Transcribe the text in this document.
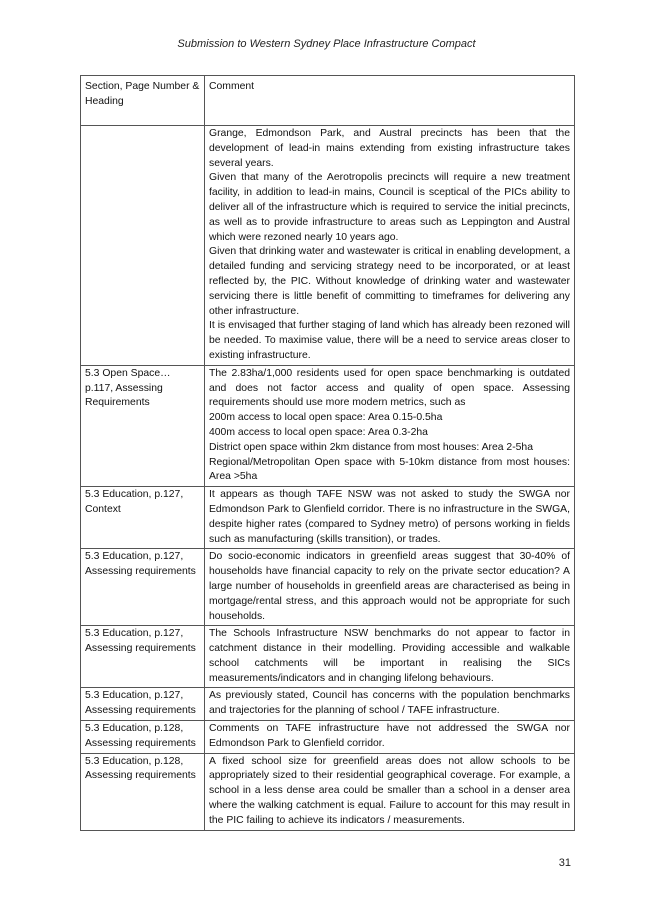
Submission to Western Sydney Place Infrastructure Compact
Section, Page Number & Heading	Comment

	Grange, Edmondson Park, and Austral precincts has been that the development of lead-in mains extending from existing infrastructure takes several years.

Given that many of the Aerotropolis precincts will require a new treatment facility, in addition to lead-in mains, Council is sceptical of the PICs ability to deliver all of the infrastructure which is required to service the initial precincts, as well as to provide infrastructure to areas such as Leppington and Austral which were rezoned nearly 10 years ago.

Given that drinking water and wastewater is critical in enabling development, a detailed funding and servicing strategy need to be incorporated, or at least reflected by, the PIC. Without knowledge of drinking water and wastewater servicing there is little benefit of committing to timeframes for delivering any other infrastructure.

It is envisaged that further staging of land which has already been rezoned will be needed. To maximise value, there will be a need to service areas closer to existing infrastructure.

5.3 Open Space… p.117, Assessing Requirements	The 2.83ha/1,000 residents used for open space benchmarking is outdated and does not factor access and quality of open space. Assessing requirements should use more modern metrics, such as

200m access to local open space: Area 0.15-0.5ha

400m access to local open space: Area 0.3-2ha

District open space within 2km distance from most houses: Area 2-5ha

Regional/Metropolitan Open space with 5-10km distance from most houses: Area >5ha

5.3 Education, p.127, Context	It appears as though TAFE NSW was not asked to study the SWGA nor Edmondson Park to Glenfield corridor. There is no infrastructure in the SWGA, despite higher rates (compared to Sydney metro) of persons working in fields such as manufacturing (skills transition), or trades.

5.3 Education, p.127, Assessing requirements	Do socio-economic indicators in greenfield areas suggest that 30-40% of households have financial capacity to rely on the private sector education? A large number of households in greenfield areas are characterised as being in mortgage/rental stress, and this approach would not be appropriate for such households.

5.3 Education, p.127, Assessing requirements	The Schools Infrastructure NSW benchmarks do not appear to factor in catchment distance in their modelling. Providing accessible and walkable school catchments will be important in realising the SICs measurements/indicators and in changing lifelong behaviours.

5.3 Education, p.127, Assessing requirements	As previously stated, Council has concerns with the population benchmarks and trajectories for the planning of school / TAFE infrastructure.

5.3 Education, p.128, Assessing requirements	Comments on TAFE infrastructure have not addressed the SWGA nor Edmondson Park to Glenfield corridor.

5.3 Education, p.128, Assessing requirements	A fixed school size for greenfield areas does not allow schools to be appropriately sized to their residential geographical coverage. For example, a school in a less dense area could be smaller than a school in a denser area where the walking catchment is equal. Failure to account for this may result in the PIC failing to achieve its indicators / measurements.

31
